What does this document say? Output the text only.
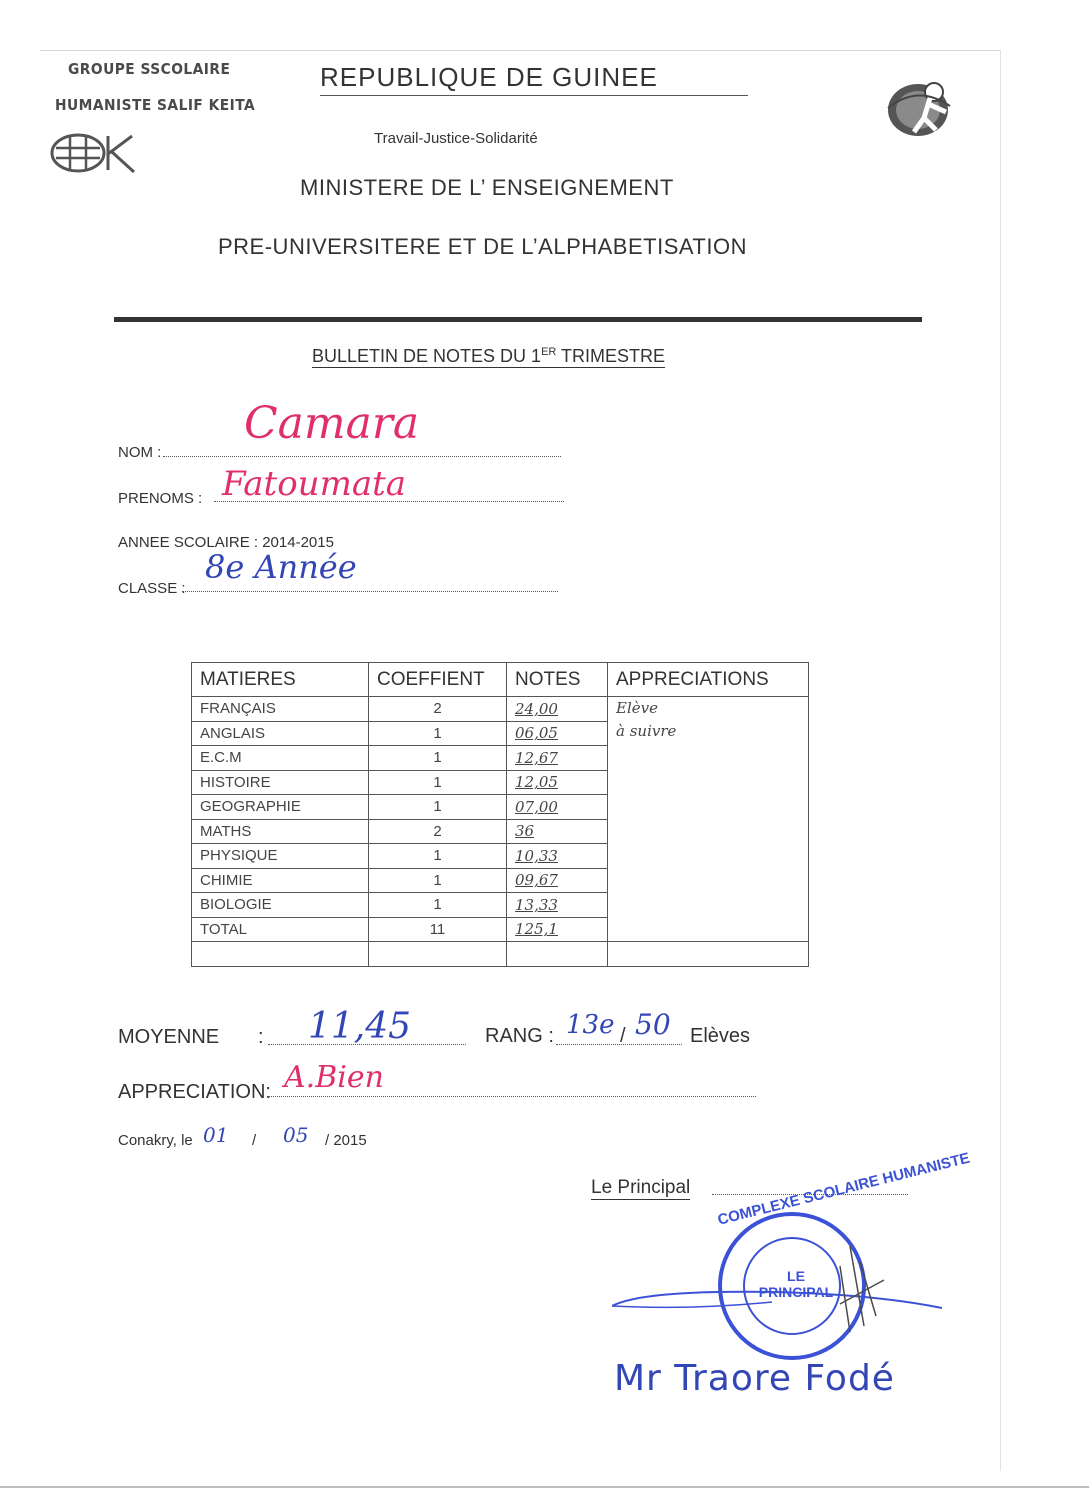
GROUPE SSCOLAIRE
HUMANISTE SALIF KEITA
REPUBLIQUE DE GUINEE
Travail-Justice-Solidarité
MINISTERE DE L’ ENSEIGNEMENT
PRE-UNIVERSITERE ET DE L’ALPHABETISATION
BULLETIN DE NOTES DU 1ER TRIMESTRE
NOM :
Camara
PRENOMS : Fatoumata
ANNEE SCOLAIRE : 2014-2015
CLASSE :
8e Année
MATIERES	COEFFIENT	NOTES	APPRECIATIONS
FRANÇAIS	2	24,00	Elève
à suivre

ANGLAIS	1	06,05	
E.C.M	1	12,67	
HISTOIRE	1	12,05	
GEOGRAPHIE	1	07,00	
MATHS	2	36	
PHYSIQUE	1	10,33	
CHIMIE	1	09,67	
BIOLOGIE	1	13,33	
TOTAL	11	125,1	

MOYENNE : 11,45	RANG : 13e / 50 Elèves
APPRECIATION: A.Bien
Conakry, le 01 / 05 / 2015
Le Principal COMPLEXE SCOLAIRE HUMANISTE
LE PRINCIPAL
Mr Traore Fodé
